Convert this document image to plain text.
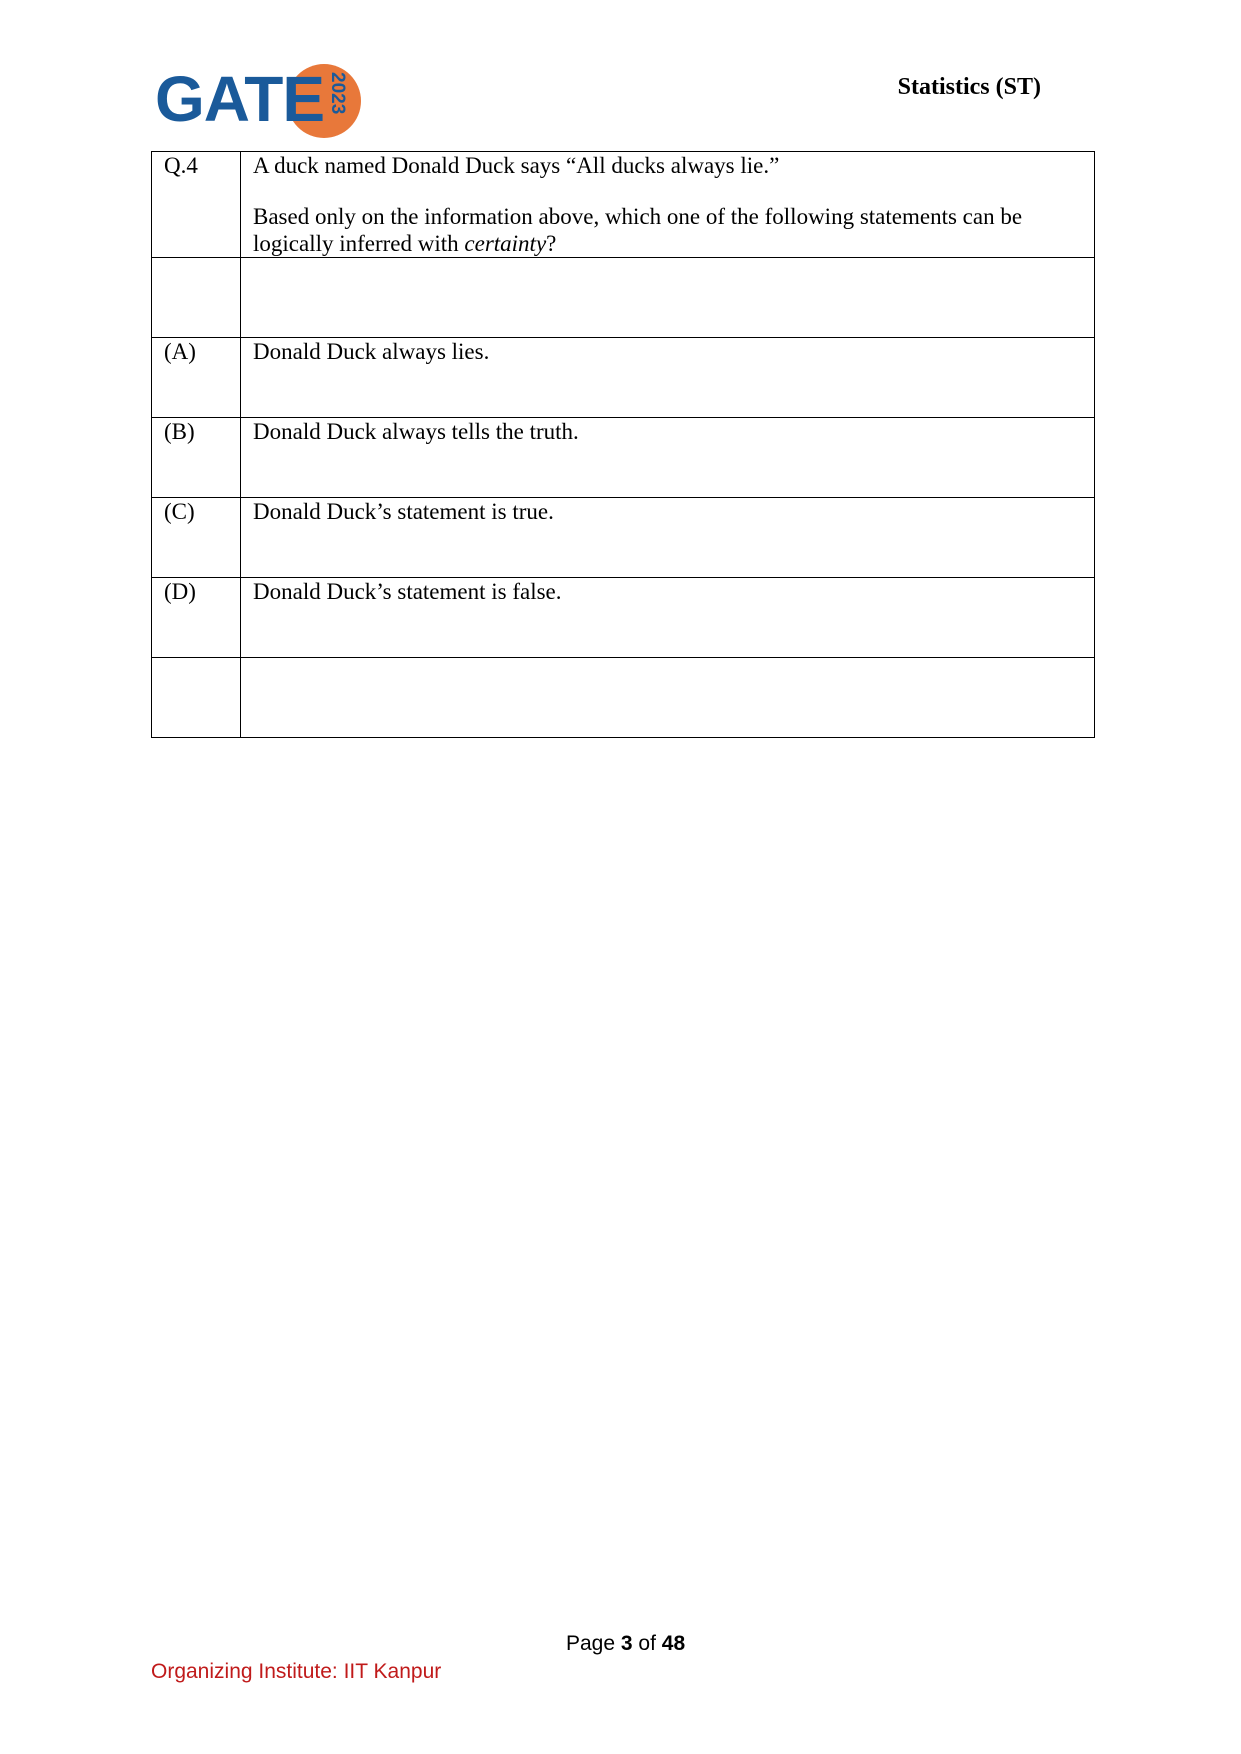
GATE 2023	Statistics (ST)
Q.4	A duck named Donald Duck says “All ducks always lie.”

Based only on the information above, which one of the following statements can be logically inferred with certainty?

(A)	Donald Duck always lies.
(B)	Donald Duck always tells the truth.
(C)	Donald Duck’s statement is true.
(D)	Donald Duck’s statement is false.

Page 3 of 48
Organizing Institute: IIT Kanpur
